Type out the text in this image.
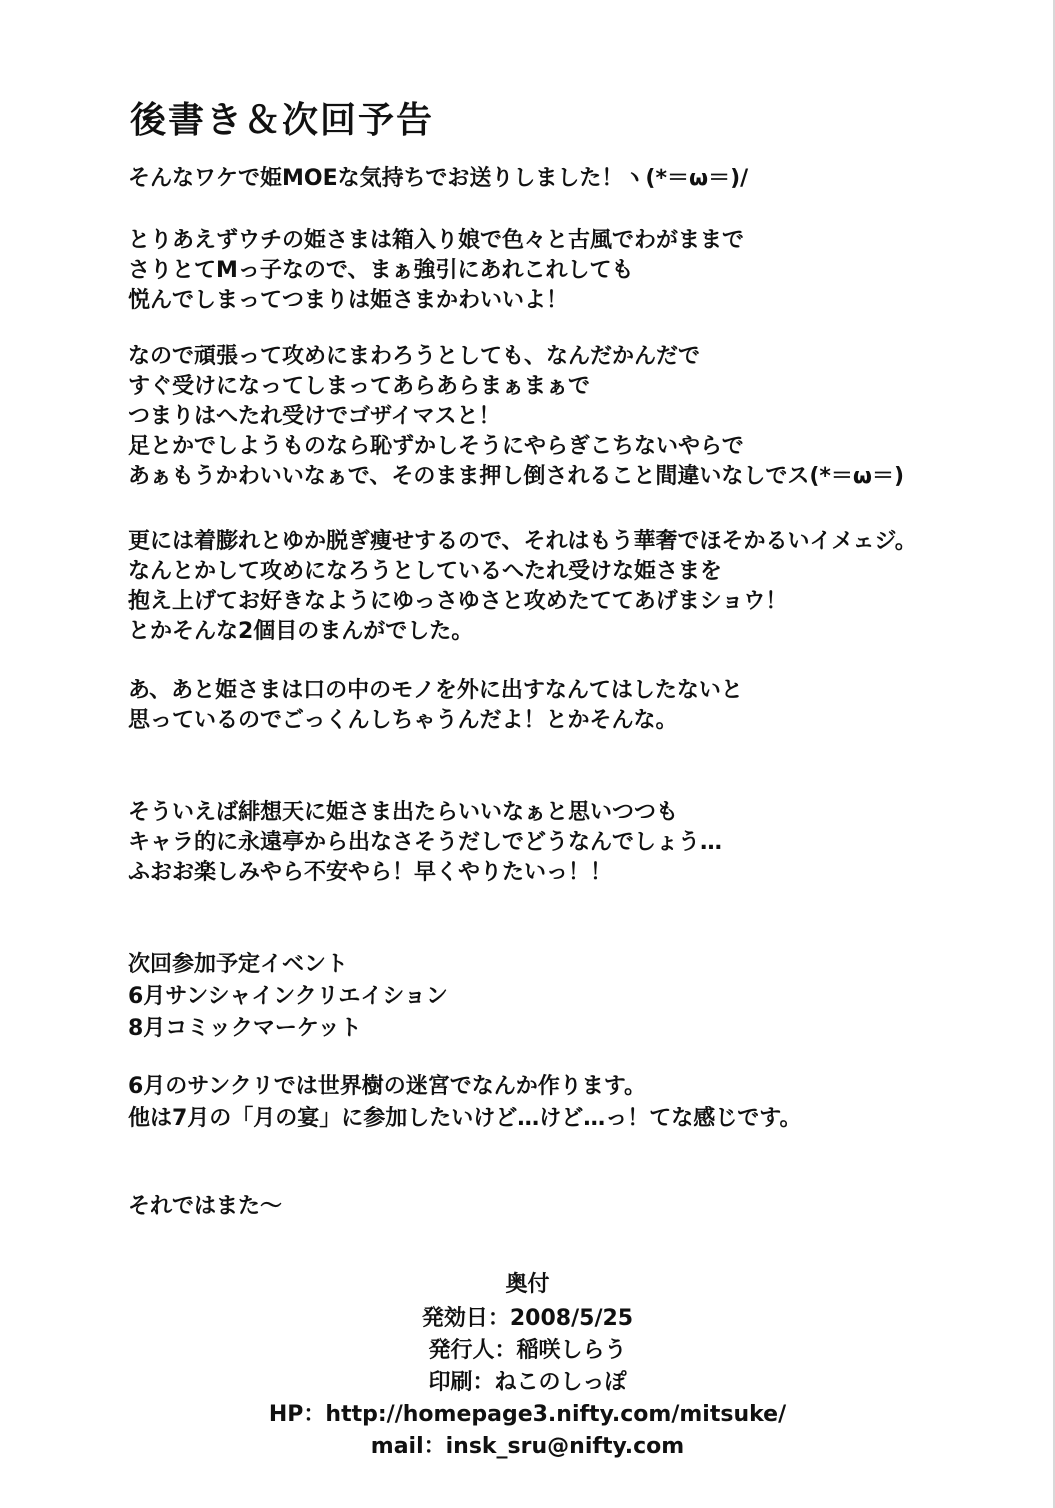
後書き＆次回予告
そんなワケで姫MOEな気持ちでお送りしました！ヽ(*＝ω＝)/
とりあえずウチの姫さまは箱入り娘で色々と古風でわがままで
さりとてMっ子なので、まぁ強引にあれこれしても
悦んでしまってつまりは姫さまかわいいよ！
なので頑張って攻めにまわろうとしても、なんだかんだで
すぐ受けになってしまってあらあらまぁまぁで
つまりはへたれ受けでゴザイマスと！
足とかでしようものなら恥ずかしそうにやらぎこちないやらで
あぁもうかわいいなぁで、そのまま押し倒されること間違いなしでス(*＝ω＝)
更には着膨れとゆか脱ぎ痩せするので、それはもう華奢でほそかるいイメェジ。
なんとかして攻めになろうとしているへたれ受けな姫さまを
抱え上げてお好きなようにゆっさゆさと攻めたててあげまショウ！
とかそんな2個目のまんがでした。
あ、あと姫さまは口の中のモノを外に出すなんてはしたないと
思っているのでごっくんしちゃうんだよ！とかそんな。
そういえば緋想天に姫さま出たらいいなぁと思いつつも
キャラ的に永遠亭から出なさそうだしでどうなんでしょう…
ふおお楽しみやら不安やら！早くやりたいっ！！
次回参加予定イベント
6月サンシャインクリエイション
8月コミックマーケット
6月のサンクリでは世界樹の迷宮でなんか作ります。
他は7月の「月の宴」に参加したいけど…けど…っ！てな感じです。
それではまた～
奥付
発効日：2008/5/25
発行人：稲咲しらう
印刷：ねこのしっぽ
HP：http://homepage3.nifty.com/mitsuke/
mail：insk_sru@nifty.com
